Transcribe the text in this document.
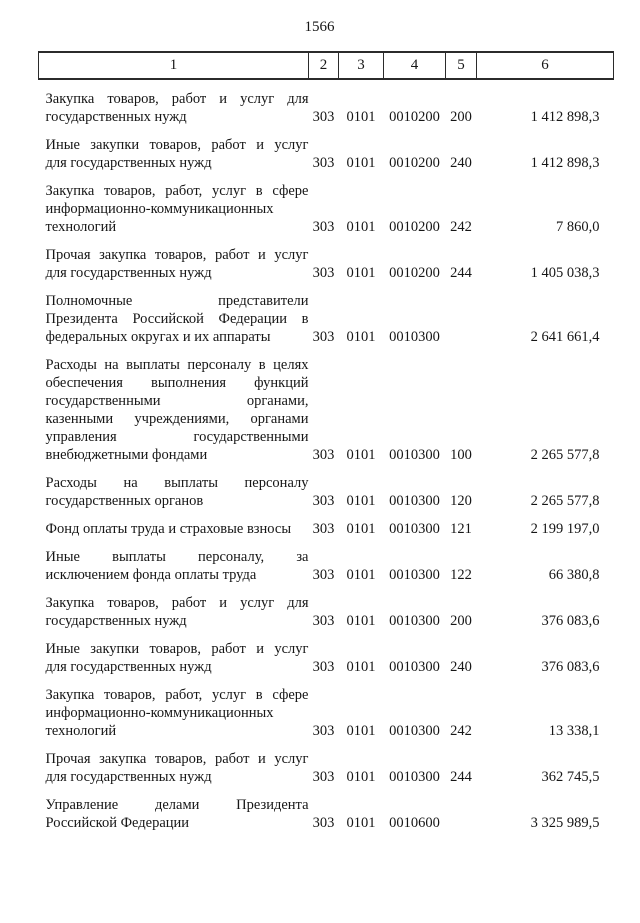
1566
1	2	3	4	5	6

Закупка товаров, работ и услуг для
государственных нужд	303	0101	0010200	200	1 412 898,3

Иные закупки товаров, работ и услуг
для государственных нужд	303	0101	0010200	240	1 412 898,3

Закупка товаров, работ, услуг в сфере
информационно-коммуникационных
технологий	303	0101	0010200	242	7 860,0

Прочая закупка товаров, работ и услуг
для государственных нужд	303	0101	0010200	244	1 405 038,3

Полномочные представители
Президента Российской Федерации в
федеральных округах и их аппараты	303	0101	0010300		2 641 661,4

Расходы на выплаты персоналу в целях
обеспечения выполнения функций
государственными органами,
казенными учреждениями, органами
управления государственными
внебюджетными фондами	303	0101	0010300	100	2 265 577,8

Расходы на выплаты персоналу
государственных органов	303	0101	0010300	120	2 265 577,8

Фонд оплаты труда и страховые взносы	303	0101	0010300	121	2 199 197,0

Иные выплаты персоналу, за
исключением фонда оплаты труда	303	0101	0010300	122	66 380,8

Закупка товаров, работ и услуг для
государственных нужд	303	0101	0010300	200	376 083,6

Иные закупки товаров, работ и услуг
для государственных нужд	303	0101	0010300	240	376 083,6

Закупка товаров, работ, услуг в сфере
информационно-коммуникационных
технологий	303	0101	0010300	242	13 338,1

Прочая закупка товаров, работ и услуг
для государственных нужд	303	0101	0010300	244	362 745,5

Управление делами Президента
Российской Федерации	303	0101	0010600		3 325 989,5
